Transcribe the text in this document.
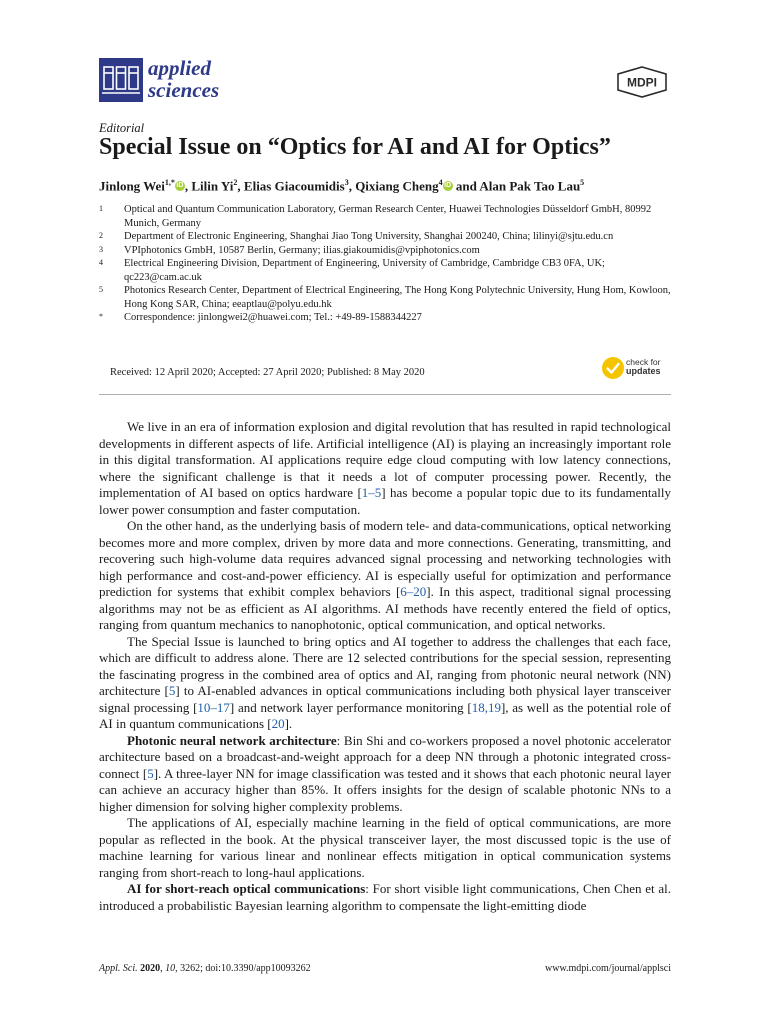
applied
sciences	MDPI
Editorial
Special Issue on “Optics for AI and AI for Optics”
Jinlong Wei$^{1,*}$ iD , Lilin Yi$^2$, Elias Giacoumidis$^3$, Qixiang Cheng$^4$ iD and Alan Pak Tao Lau$^5$
1	Optical and Quantum Communication Laboratory, German Research Center, Huawei Technologies Düsseldorf GmbH, 80992 Munich, Germany
2	Department of Electronic Engineering, Shanghai Jiao Tong University, Shanghai 200240, China; lilinyi@sjtu.edu.cn
3	VPIphotonics GmbH, 10587 Berlin, Germany; ilias.giakoumidis@vpiphotonics.com
4	Electrical Engineering Division, Department of Engineering, University of Cambridge, Cambridge CB3 0FA, UK; qc223@cam.ac.uk
5	Photonics Research Center, Department of Electrical Engineering, The Hong Kong Polytechnic University, Hung Hom, Kowloon, Hong Kong SAR, China; eeaptlau@polyu.edu.hk
*	Correspondence: jinlongwei2@huawei.com; Tel.: +49-89-1588344227
Received: 12 April 2020; Accepted: 27 April 2020; Published: 8 May 2020
check for
updates

We live in an era of information explosion and digital revolution that has resulted in rapid technological developments in different aspects of life. Artificial intelligence (AI) is playing an increasingly important role in this digital transformation. AI applications require edge cloud computing with low latency connections, where the significant challenge is that it needs a lot of computer processing power. Recently, the implementation of AI based on optics hardware [1–5] has become a popular topic due to its fundamentally lower power consumption and faster computation.

On the other hand, as the underlying basis of modern tele- and data-communications, optical networking becomes more and more complex, driven by more data and more connections. Generating, transmitting, and recovering such high-volume data requires advanced signal processing and networking technologies with high performance and cost-and-power efficiency. AI is especially useful for optimization and performance prediction for systems that exhibit complex behaviors [6–20]. In this aspect, traditional signal processing algorithms may not be as efficient as AI algorithms. AI methods have recently entered the field of optics, ranging from quantum mechanics to nanophotonic, optical communication, and optical networks.

The Special Issue is launched to bring optics and AI together to address the challenges that each face, which are difficult to address alone. There are 12 selected contributions for the special session, representing the fascinating progress in the combined area of optics and AI, ranging from photonic neural network (NN) architecture [5] to AI-enabled advances in optical communications including both physical layer transceiver signal processing [10–17] and network layer performance monitoring [18,19], as well as the potential role of AI in quantum communications [20].

Photonic neural network architecture: Bin Shi and co-workers proposed a novel photonic accelerator architecture based on a broadcast-and-weight approach for a deep NN through a photonic integrated cross-connect [5]. A three-layer NN for image classification was tested and it shows that each photonic neural layer can achieve an accuracy higher than 85%. It offers insights for the design of scalable photonic NNs to a higher dimension for solving higher complexity problems.

The applications of AI, especially machine learning in the field of optical communications, are more popular as reflected in the book. At the physical transceiver layer, the most discussed topic is the use of machine learning for various linear and nonlinear effects mitigation in optical communication systems ranging from short-reach to long-haul applications.

AI for short-reach optical communications: For short visible light communications, Chen Chen et al. introduced a probabilistic Bayesian learning algorithm to compensate the light-emitting diode

Appl. Sci. 2020, 10, 3262; doi:10.3390/app10093262	www.mdpi.com/journal/applsci
